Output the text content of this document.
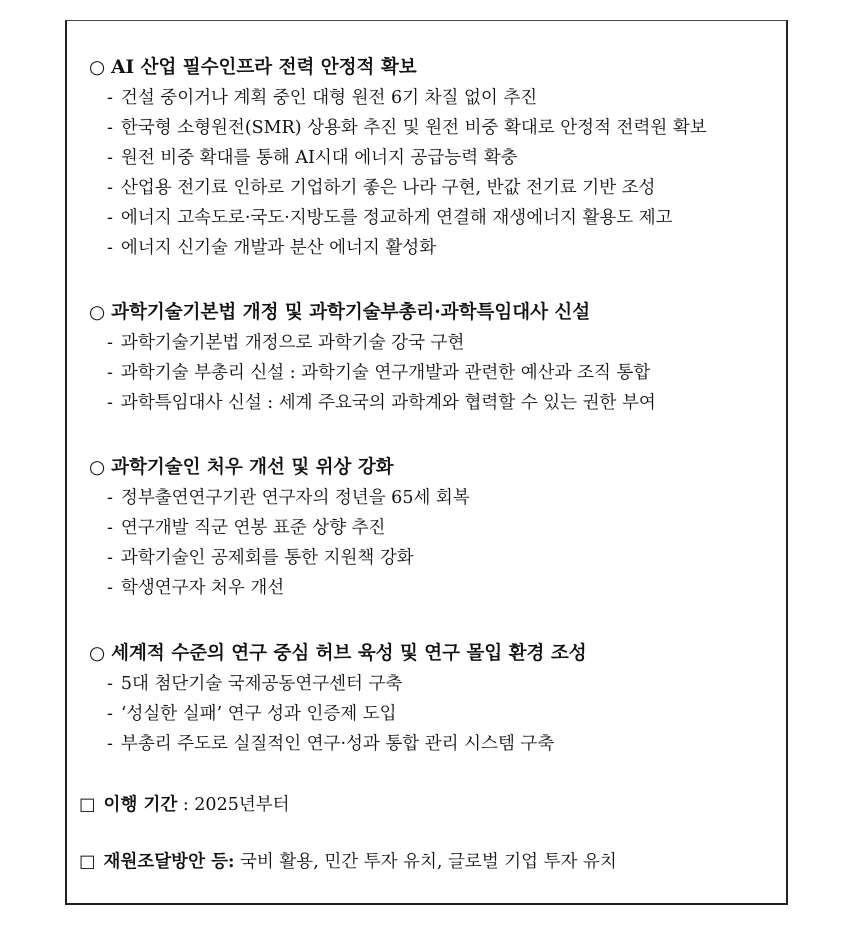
○ AI 산업 필수인프라 전력 안정적 확보
- 건설 중이거나 계획 중인 대형 원전 6기 차질 없이 추진
- 한국형 소형원전(SMR) 상용화 추진 및 원전 비중 확대로 안정적 전력원 확보
- 원전 비중 확대를 통해 AI시대 에너지 공급능력 확충
- 산업용 전기료 인하로 기업하기 좋은 나라 구현, 반값 전기료 기반 조성
- 에너지 고속도로·국도·지방도를 정교하게 연결해 재생에너지 활용도 제고
- 에너지 신기술 개발과 분산 에너지 활성화
○ 과학기술기본법 개정 및 과학기술부총리·과학특임대사 신설
- 과학기술기본법 개정으로 과학기술 강국 구현
- 과학기술 부총리 신설 : 과학기술 연구개발과 관련한 예산과 조직 통합
- 과학특임대사 신설 : 세계 주요국의 과학계와 협력할 수 있는 권한 부여
○ 과학기술인 처우 개선 및 위상 강화
- 정부출연연구기관 연구자의 정년을 65세 회복
- 연구개발 직군 연봉 표준 상향 추진
- 과학기술인 공제회를 통한 지원책 강화
- 학생연구자 처우 개선
○ 세계적 수준의 연구 중심 허브 육성 및 연구 몰입 환경 조성
- 5대 첨단기술 국제공동연구센터 구축
- ‘성실한 실패’ 연구 성과 인증제 도입
- 부총리 주도로 실질적인 연구·성과 통합 관리 시스템 구축
□ 이행 기간 : 2025년부터
□ 재원조달방안 등: 국비 활용, 민간 투자 유치, 글로벌 기업 투자 유치
